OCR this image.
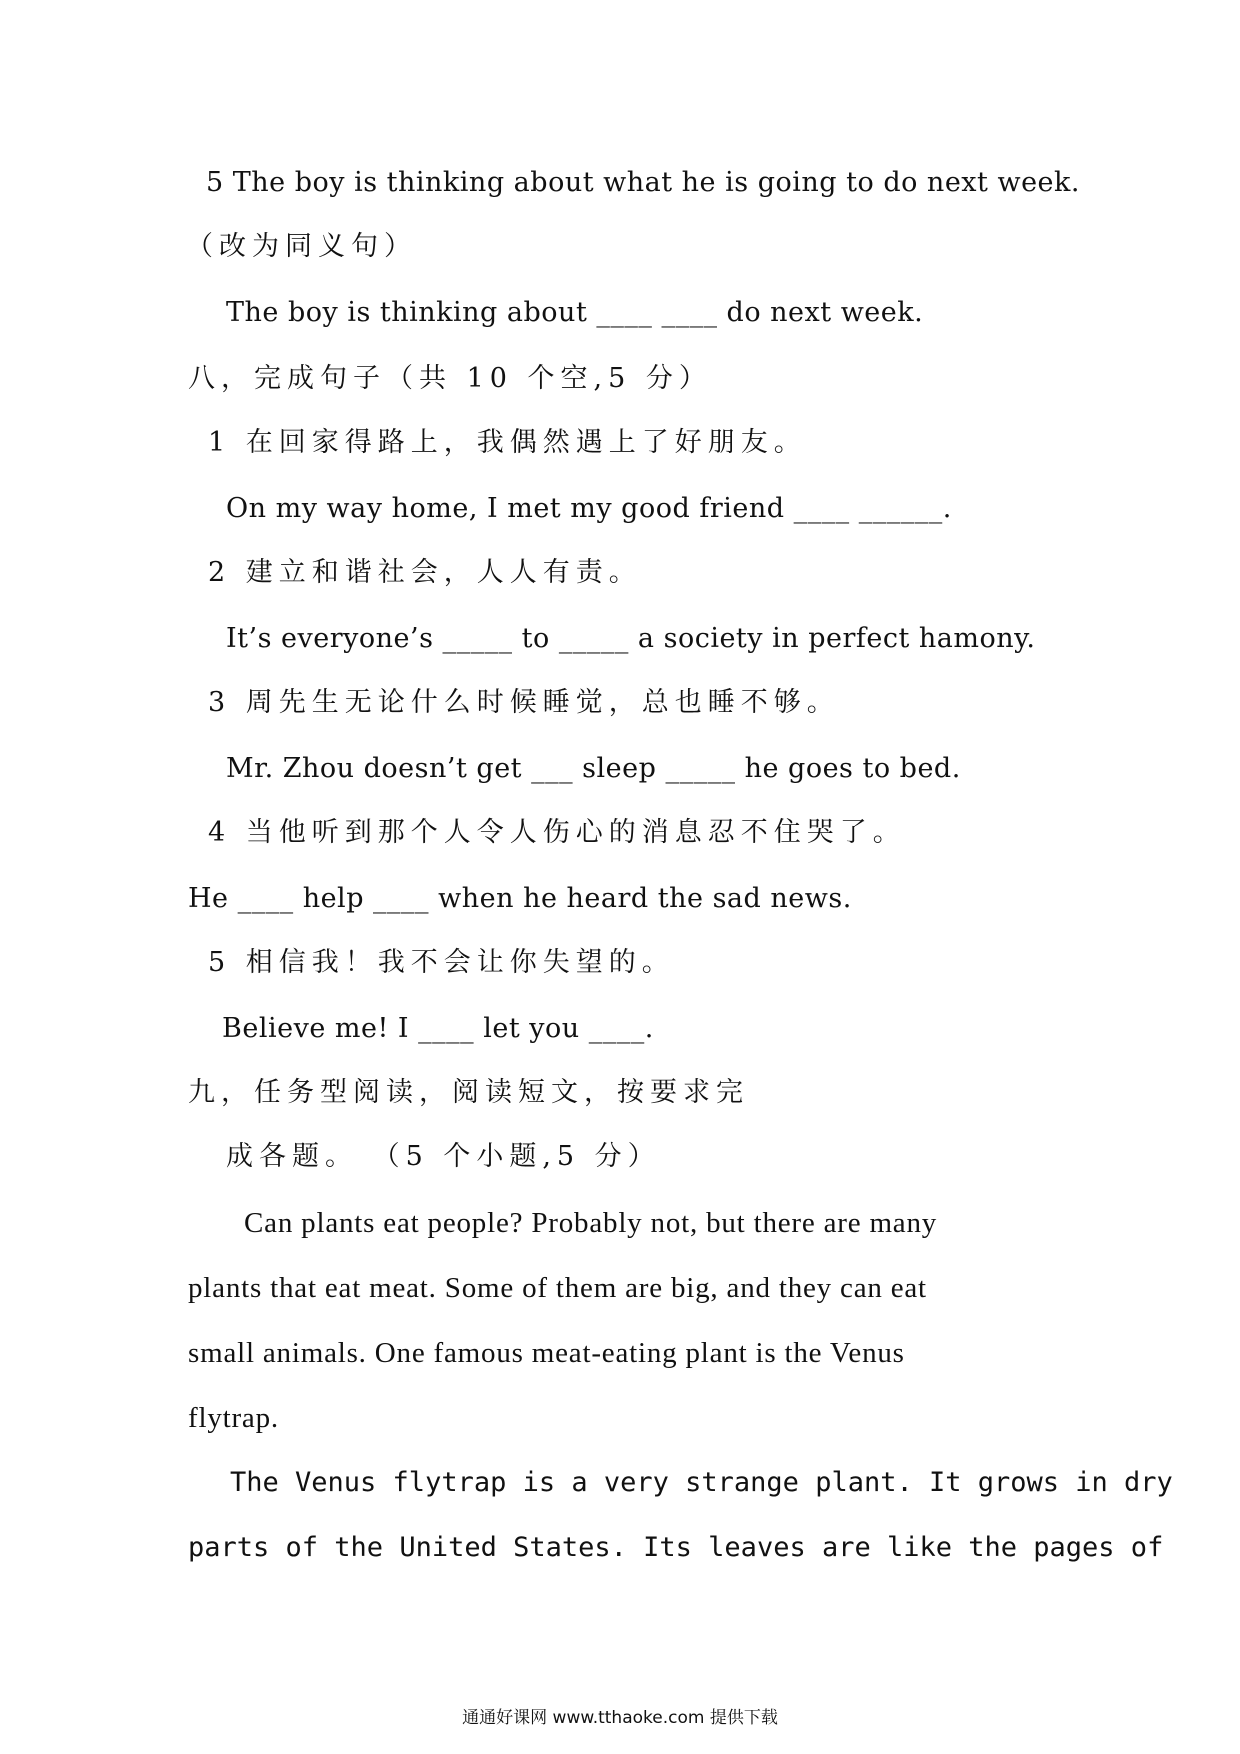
5 The boy is thinking about what he is going to do next week.
（改为同义句）
The boy is thinking about ____ ____ do next week.
八，完成句子（共 10 个空,5 分）
1 在回家得路上，我偶然遇上了好朋友。
On my way home, I met my good friend ____ ______.
2 建立和谐社会，人人有责。
It’s everyone’s _____ to _____ a society in perfect hamony.
3 周先生无论什么时候睡觉，总也睡不够。
Mr. Zhou doesn’t get ___ sleep _____ he goes to bed.
4 当他听到那个人令人伤心的消息忍不住哭了。
He ____ help ____ when he heard the sad news.
5 相信我！我不会让你失望的。
Believe me! I ____ let you ____.
九，任务型阅读，阅读短文，按要求完
成各题。 （5 个小题,5 分）
Can plants eat people? Probably not, but there are many
plants that eat meat. Some of them are big, and they can eat
small animals. One famous meat-eating plant is the Venus
flytrap.
The Venus flytrap is a very strange plant. It grows in dry
parts of the United States. Its leaves are like the pages of
通通好课网 www.tthaoke.com 提供下载
